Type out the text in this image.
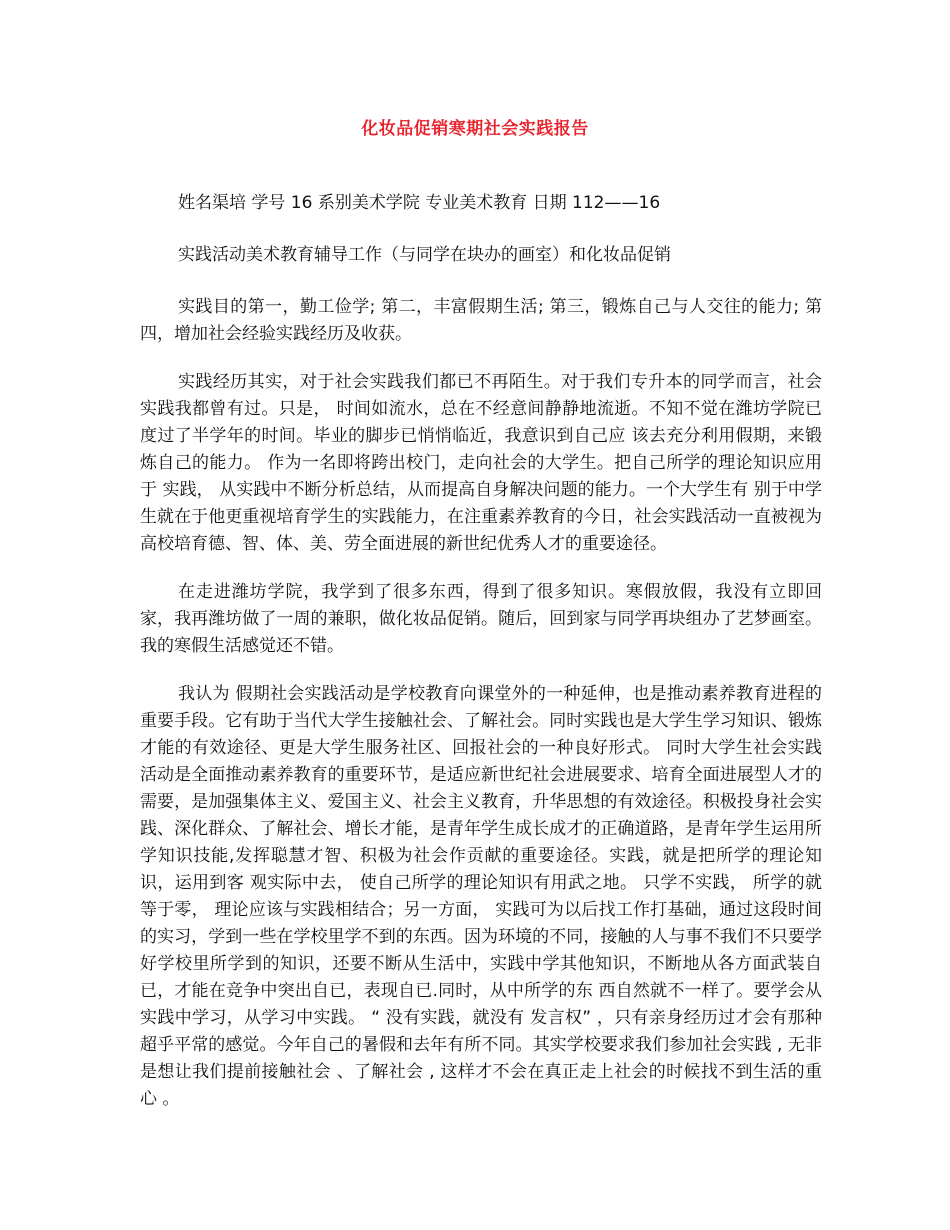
化妆品促销寒期社会实践报告

姓名渠培 学号 16 系别美术学院 专业美术教育 日期 112——16

实践活动美术教育辅导工作（与同学在块办的画室）和化妆品促销

实践目的第一，勤工俭学; 第二，丰富假期生活; 第三，锻炼自己与人交往的能力; 第四，增加社会经验实践经历及收获。

实践经历其实，对于社会实践我们都已不再陌生。对于我们专升本的同学而言，社会实践我都曾有过。只是， 时间如流水，总在不经意间静静地流逝。不知不觉在潍坊学院已度过了半学年的时间。毕业的脚步已悄悄临近，我意识到自己应 该去充分利用假期，来锻炼自己的能力。 作为一名即将跨出校门，走向社会的大学生。把自己所学的理论知识应用于 实践， 从实践中不断分析总结，从而提高自身解决问题的能力。一个大学生有 别于中学生就在于他更重视培育学生的实践能力，在注重素养教育的今日，社会实践活动一直被视为高校培育德、智、体、美、劳全面进展的新世纪优秀人才的重要途径。

在走进潍坊学院，我学到了很多东西，得到了很多知识。寒假放假，我没有立即回家，我再潍坊做了一周的兼职，做化妆品促销。随后，回到家与同学再块组办了艺梦画室。我的寒假生活感觉还不错。

我认为 假期社会实践活动是学校教育向课堂外的一种延伸，也是推动素养教育进程的重要手段。它有助于当代大学生接触社会、了解社会。同时实践也是大学生学习知识、锻炼才能的有效途径、更是大学生服务社区、回报社会的一种良好形式。 同时大学生社会实践活动是全面推动素养教育的重要环节，是适应新世纪社会进展要求、培育全面进展型人才的需要，是加强集体主义、爱国主义、社会主义教育，升华思想的有效途径。积极投身社会实践、深化群众、了解社会、增长才能，是青年学生成长成才的正确道路，是青年学生运用所学知识技能,发挥聪慧才智、积极为社会作贡献的重要途径。实践，就是把所学的理论知识，运用到客 观实际中去， 使自己所学的理论知识有用武之地。 只学不实践， 所学的就等于零， 理论应该与实践相结合；另一方面， 实践可为以后找工作打基础，通过这段时间的实习，学到一些在学校里学不到的东西。因为环境的不同，接触的人与事不我们不只要学好学校里所学到的知识，还要不断从生活中，实践中学其他知识，不断地从各方面武装自已，才能在竞争中突出自已，表现自已.同时，从中所学的东 西自然就不一样了。要学会从实践中学习，从学习中实践。 “ 没有实践，就没有 发言权” ，只有亲身经历过才会有那种超乎平常的感觉。今年自己的暑假和去年有所不同。其实学校要求我们参加社会实践 , 无非是想让我们提前接触社会 、了解社会 , 这样才不会在真正走上社会的时候找不到生活的重心 。
